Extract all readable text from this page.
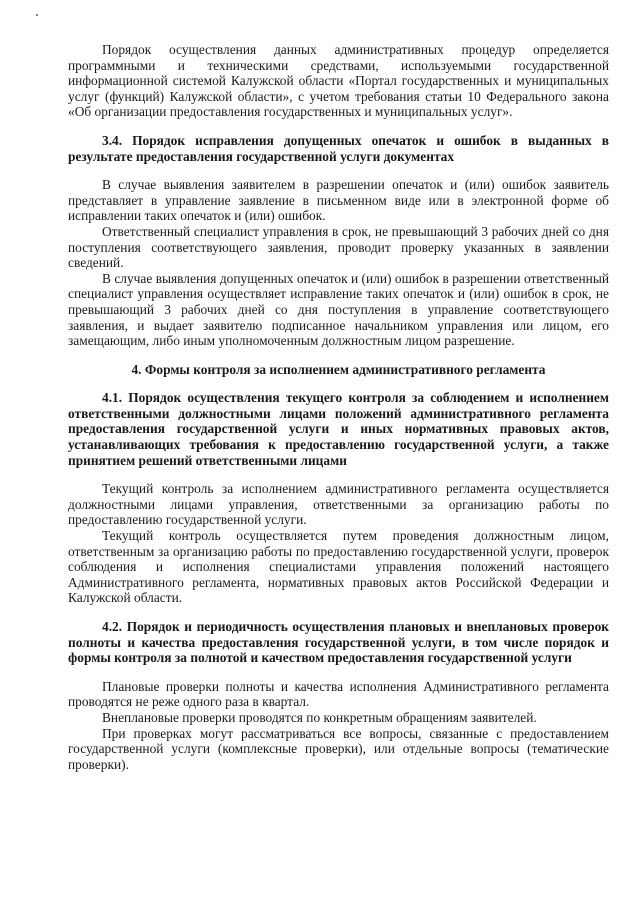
Порядок осуществления данных административных процедур определяется программными и техническими средствами, используемыми государственной информационной системой Калужской области «Портал государственных и муниципальных услуг (функций) Калужской области», с учетом требования статьи 10 Федерального закона «Об организации предоставления государственных и муниципальных услуг».

3.4. Порядок исправления допущенных опечаток и ошибок в выданных в результате предоставления государственной услуги документах

В случае выявления заявителем в разрешении опечаток и (или) ошибок заявитель представляет в управление заявление в письменном виде или в электронной форме об исправлении таких опечаток и (или) ошибок.

Ответственный специалист управления в срок, не превышающий 3 рабочих дней со дня поступления соответствующего заявления, проводит проверку указанных в заявлении сведений.

В случае выявления допущенных опечаток и (или) ошибок в разрешении ответственный специалист управления осуществляет исправление таких опечаток и (или) ошибок в срок, не превышающий 3 рабочих дней со дня поступления в управление соответствующего заявления, и выдает заявителю подписанное начальником управления или лицом, его замещающим, либо иным уполномоченным должностным лицом разрешение.

4. Формы контроля за исполнением административного регламента
4.1. Порядок осуществления текущего контроля за соблюдением и исполнением ответственными должностными лицами положений административного регламента предоставления государственной услуги и иных нормативных правовых актов, устанавливающих требования к предоставлению государственной услуги, а также принятием решений ответственными лицами

Текущий контроль за исполнением административного регламента осуществляется должностными лицами управления, ответственными за организацию работы по предоставлению государственной услуги.

Текущий контроль осуществляется путем проведения должностным лицом, ответственным за организацию работы по предоставлению государственной услуги, проверок соблюдения и исполнения специалистами управления положений настоящего Административного регламента, нормативных правовых актов Российской Федерации и Калужской области.

4.2. Порядок и периодичность осуществления плановых и внеплановых проверок полноты и качества предоставления государственной услуги, в том числе порядок и формы контроля за полнотой и качеством предоставления государственной услуги

Плановые проверки полноты и качества исполнения Административного регламента проводятся не реже одного раза в квартал.

Внеплановые проверки проводятся по конкретным обращениям заявителей.

При проверках могут рассматриваться все вопросы, связанные с предоставлением государственной услуги (комплексные проверки), или отдельные вопросы (тематические проверки).
